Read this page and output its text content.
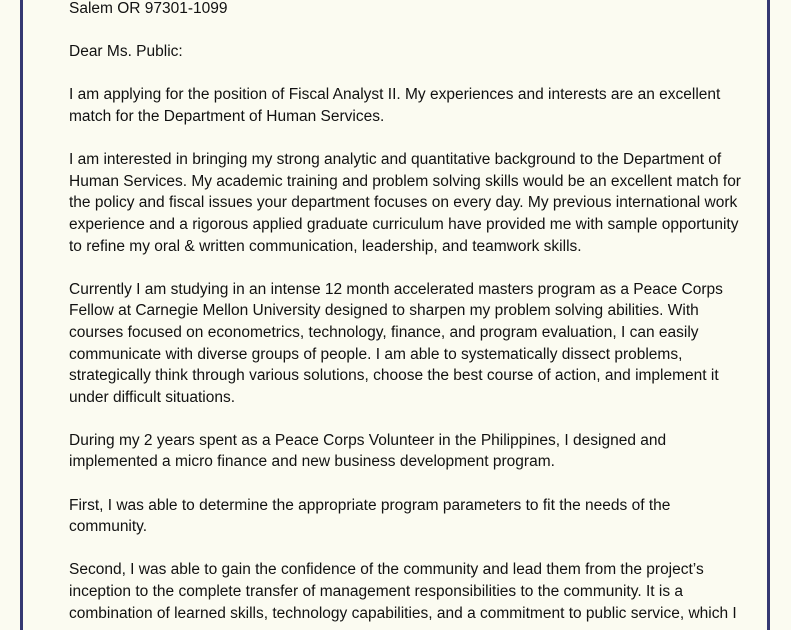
Salem OR 97301-1099

Dear Ms. Public:

I am applying for the position of Fiscal Analyst II. My experiences and interests are an excellent match for the Department of Human Services.

I am interested in bringing my strong analytic and quantitative background to the Department of Human Services. My academic training and problem solving skills would be an excellent match for the policy and fiscal issues your department focuses on every day. My previous international work experience and a rigorous applied graduate curriculum have provided me with sample opportunity to refine my oral & written communication, leadership, and teamwork skills.

Currently I am studying in an intense 12 month accelerated masters program as a Peace Corps Fellow at Carnegie Mellon University designed to sharpen my problem solving abilities. With courses focused on econometrics, technology, finance, and program evaluation, I can easily communicate with diverse groups of people. I am able to systematically dissect problems, strategically think through various solutions, choose the best course of action, and implement it under difficult situations.

During my 2 years spent as a Peace Corps Volunteer in the Philippines, I designed and implemented a micro finance and new business development program.

First, I was able to determine the appropriate program parameters to fit the needs of the community.

Second, I was able to gain the confidence of the community and lead them from the project’s inception to the complete transfer of management responsibilities to the community. It is a combination of learned skills, technology capabilities, and a commitment to public service, which I
